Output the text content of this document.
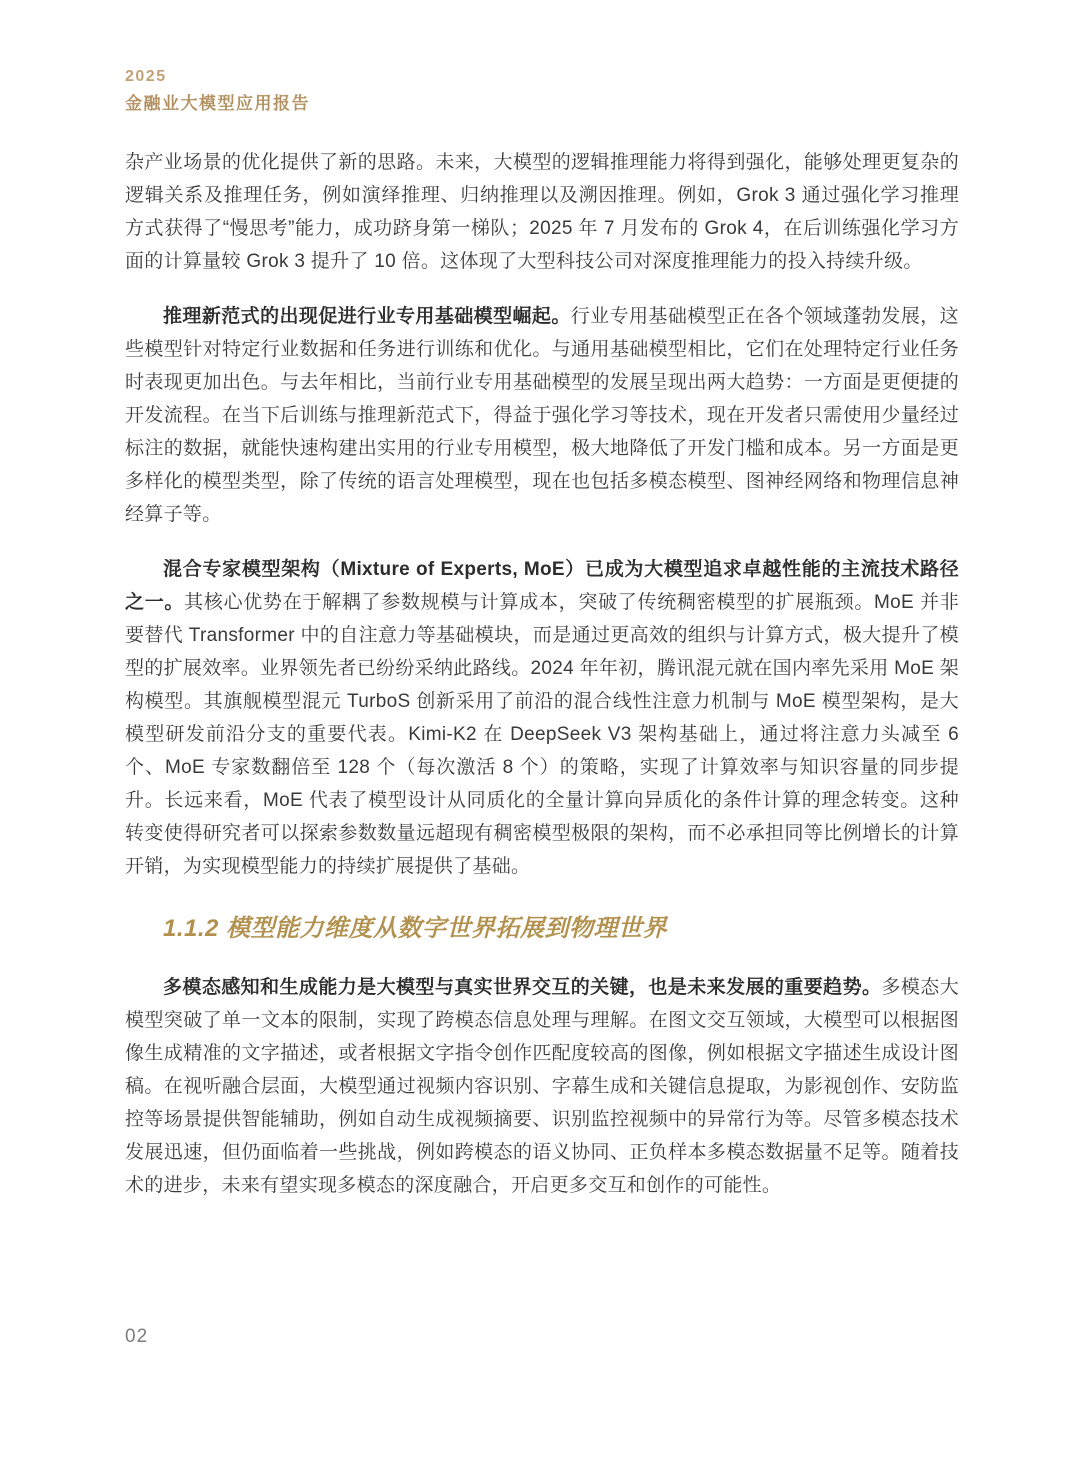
2025
金融业大模型应用报告

杂产业场景的优化提供了新的思路。未来，大模型的逻辑推理能力将得到强化，能够处理更复杂的逻辑关系及推理任务，例如演绎推理、归纳推理以及溯因推理。例如，Grok 3 通过强化学习推理方式获得了“慢思考”能力，成功跻身第一梯队；2025 年 7 月发布的 Grok 4，在后训练强化学习方面的计算量较 Grok 3 提升了 10 倍。这体现了大型科技公司对深度推理能力的投入持续升级。

推理新范式的出现促进行业专用基础模型崛起。行业专用基础模型正在各个领域蓬勃发展，这些模型针对特定行业数据和任务进行训练和优化。与通用基础模型相比，它们在处理特定行业任务时表现更加出色。与去年相比，当前行业专用基础模型的发展呈现出两大趋势：一方面是更便捷的开发流程。在当下后训练与推理新范式下，得益于强化学习等技术，现在开发者只需使用少量经过标注的数据，就能快速构建出实用的行业专用模型，极大地降低了开发门槛和成本。另一方面是更多样化的模型类型，除了传统的语言处理模型，现在也包括多模态模型、图神经网络和物理信息神经算子等。

混合专家模型架构（Mixture of Experts, MoE）已成为大模型追求卓越性能的主流技术路径之一。其核心优势在于解耦了参数规模与计算成本，突破了传统稠密模型的扩展瓶颈。MoE 并非要替代 Transformer 中的自注意力等基础模块，而是通过更高效的组织与计算方式，极大提升了模型的扩展效率。业界领先者已纷纷采纳此路线。2024 年年初，腾讯混元就在国内率先采用 MoE 架构模型。其旗舰模型混元 TurboS 创新采用了前沿的混合线性注意力机制与 MoE 模型架构，是大模型研发前沿分支的重要代表。Kimi-K2 在 DeepSeek V3 架构基础上，通过将注意力头减至 6 个、MoE 专家数翻倍至 128 个（每次激活 8 个）的策略，实现了计算效率与知识容量的同步提升。长远来看，MoE 代表了模型设计从同质化的全量计算向异质化的条件计算的理念转变。这种转变使得研究者可以探索参数数量远超现有稠密模型极限的架构，而不必承担同等比例增长的计算开销，为实现模型能力的持续扩展提供了基础。

1.1.2 模型能力维度从数字世界拓展到物理世界

多模态感知和生成能力是大模型与真实世界交互的关键，也是未来发展的重要趋势。多模态大模型突破了单一文本的限制，实现了跨模态信息处理与理解。在图文交互领域，大模型可以根据图像生成精准的文字描述，或者根据文字指令创作匹配度较高的图像，例如根据文字描述生成设计图稿。在视听融合层面，大模型通过视频内容识别、字幕生成和关键信息提取，为影视创作、安防监控等场景提供智能辅助，例如自动生成视频摘要、识别监控视频中的异常行为等。尽管多模态技术发展迅速，但仍面临着一些挑战，例如跨模态的语义协同、正负样本多模态数据量不足等。随着技术的进步，未来有望实现多模态的深度融合，开启更多交互和创作的可能性。

02
